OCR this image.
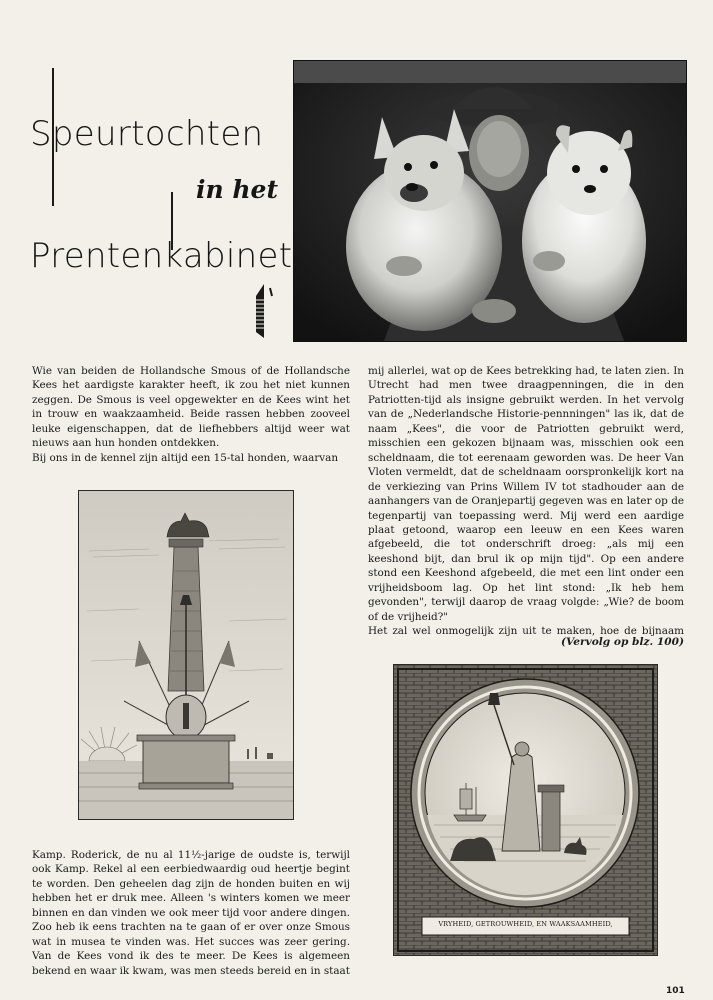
Speurtochten
in het
Prentenkabinet

Wie van beiden de Hollandsche Smous of de Hollandsche Kees het aardigste karakter heeft, ik zou het niet kunnen zeggen. De Smous is veel opgewekter en de Kees wint het in trouw en waakzaamheid. Beide rassen hebben zooveel leuke eigenschappen, dat de liefhebbers altijd weer wat nieuws aan hun honden ontdekken.

Bij ons in de kennel zijn altijd een 15-tal honden, waarvan

Kamp. Roderick, de nu al 11½-jarige de oudste is, terwijl ook Kamp. Rekel al een eerbiedwaardig oud heertje begint te worden. Den geheelen dag zijn de honden buiten en wij hebben het er druk mee. Alleen 's winters komen we meer binnen en dan vinden we ook meer tijd voor andere dingen. Zoo heb ik eens trachten na te gaan of er over onze Smous wat in musea te vinden was. Het succes was zeer gering. Van de Kees vond ik des te meer. De Kees is algemeen bekend en waar ik kwam, was men steeds bereid en in staat

mij allerlei, wat op de Kees betrekking had, te laten zien. In Utrecht had men twee draagpenningen, die in den Patriotten-tijd als insigne gebruikt werden. In het vervolg van de „Nederlandsche Historie-pennningen" las ik, dat de naam „Kees", die voor de Patriotten gebruikt werd, misschien een gekozen bijnaam was, misschien ook een scheldnaam, die tot eerenaam geworden was. De heer Van Vloten vermeldt, dat de scheldnaam oorspronkelijk kort na de verkiezing van Prins Willem IV tot stadhouder aan de aanhangers van de Oranjepartij gegeven was en later op de tegenpartij van toepassing werd. Mij werd een aardige plaat getoond, waarop een leeuw en een Kees waren afgebeeld, die tot onderschrift droeg: „als mij een keeshond bijt, dan brul ik op mijn tijd". Op een andere stond een Keeshond afgebeeld, die met een lint onder een vrijheidsboom lag. Op het lint stond: „Ik heb hem gevonden", terwijl daarop de vraag volgde: „Wie? de boom of de vrijheid?"

Het zal wel onmogelijk zijn uit te maken, hoe de bijnaam

(Vervolg op blz. 100)
VRYHEID, GETROUWHEID, EN WAAKSAAMHEID,
101
